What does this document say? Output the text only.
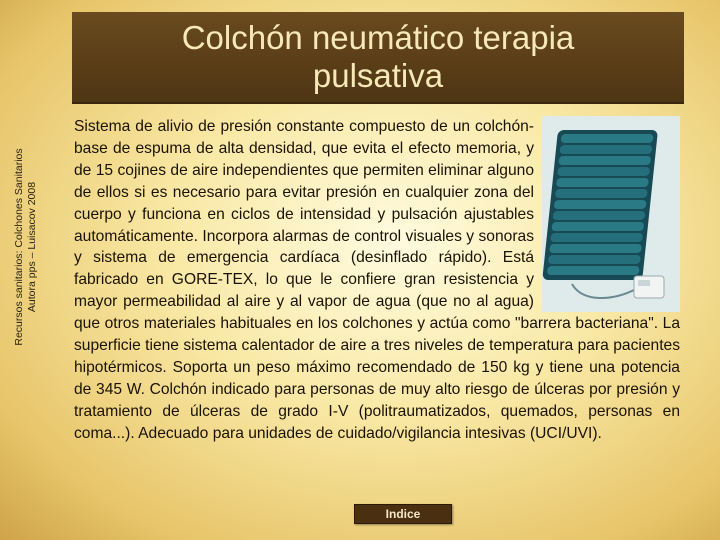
Colchón neumático terapia
pulsativa
Recursos sanitarios: Colchones Sanitarios Autora pps – Luisacov 2008
Sistema de alivio de presión constante compuesto de un colchón-base de espuma de alta densidad, que evita el efecto memoria, y de 15 cojines de aire independientes que permiten eliminar alguno de ellos si es necesario para evitar presión en cualquier zona del cuerpo y funciona en ciclos de intensidad y pulsación ajustables automáticamente. Incorpora alarmas de control visuales y sonoras y sistema de emergencia cardíaca (desinflado rápido). Está fabricado en GORE-TEX, lo que le confiere gran resistencia y mayor permeabilidad al aire y al vapor de agua (que no al agua) que otros materiales habituales en los colchones y actúa como "barrera bacteriana". La superficie tiene sistema calentador de aire a tres niveles de temperatura para pacientes hipotérmicos. Soporta un peso máximo recomendado de 150 kg y tiene una potencia de 345 W. Colchón indicado para personas de muy alto riesgo de úlceras por presión y tratamiento de úlceras de grado I-V (politraumatizados, quemados, personas en coma...). Adecuado para unidades de cuidado/vigilancia intesivas (UCI/UVI).
Indice
